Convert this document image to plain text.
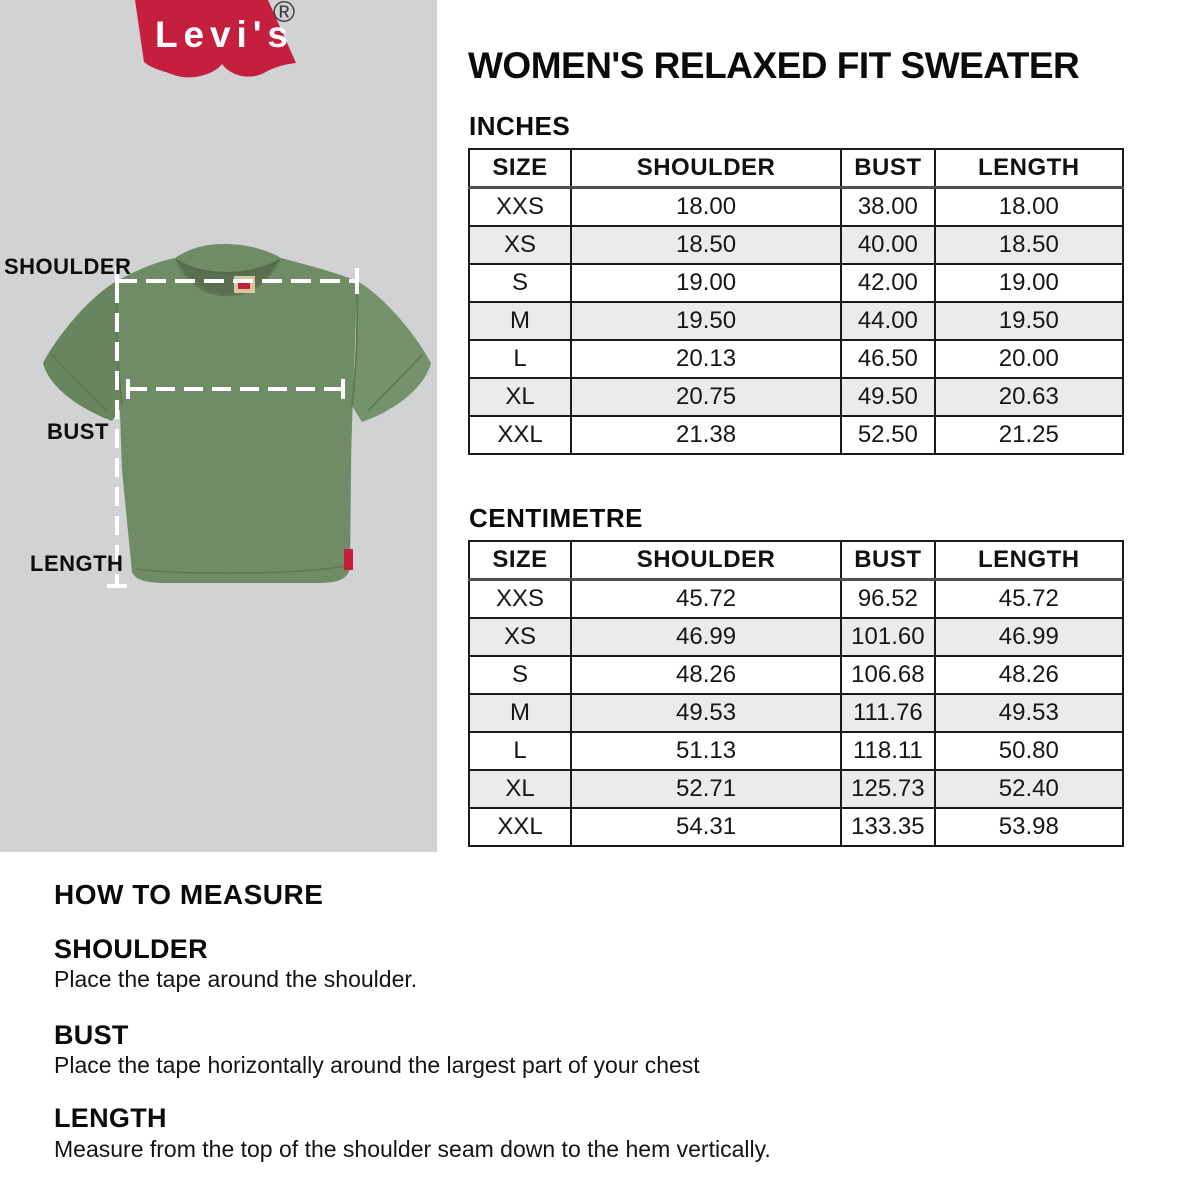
Levi's
®
SHOULDER
BUST
LENGTH
WOMEN'S RELAXED FIT SWEATER
INCHES
SIZE	SHOULDER	BUST	LENGTH
XXS	18.00	38.00	18.00
XS	18.50	40.00	18.50
S	19.00	42.00	19.00
M	19.50	44.00	19.50
L	20.13	46.50	20.00
XL	20.75	49.50	20.63
XXL	21.38	52.50	21.25
CENTIMETRE
SIZE	SHOULDER	BUST	LENGTH
XXS	45.72	96.52	45.72
XS	46.99	101.60	46.99
S	48.26	106.68	48.26
M	49.53	111.76	49.53
L	51.13	118.11	50.80
XL	52.71	125.73	52.40
XXL	54.31	133.35	53.98
HOW TO MEASURE
SHOULDER
Place the tape around the shoulder.
BUST
Place the tape horizontally around the largest part of your chest
LENGTH
Measure from the top of the shoulder seam down to the hem vertically.
